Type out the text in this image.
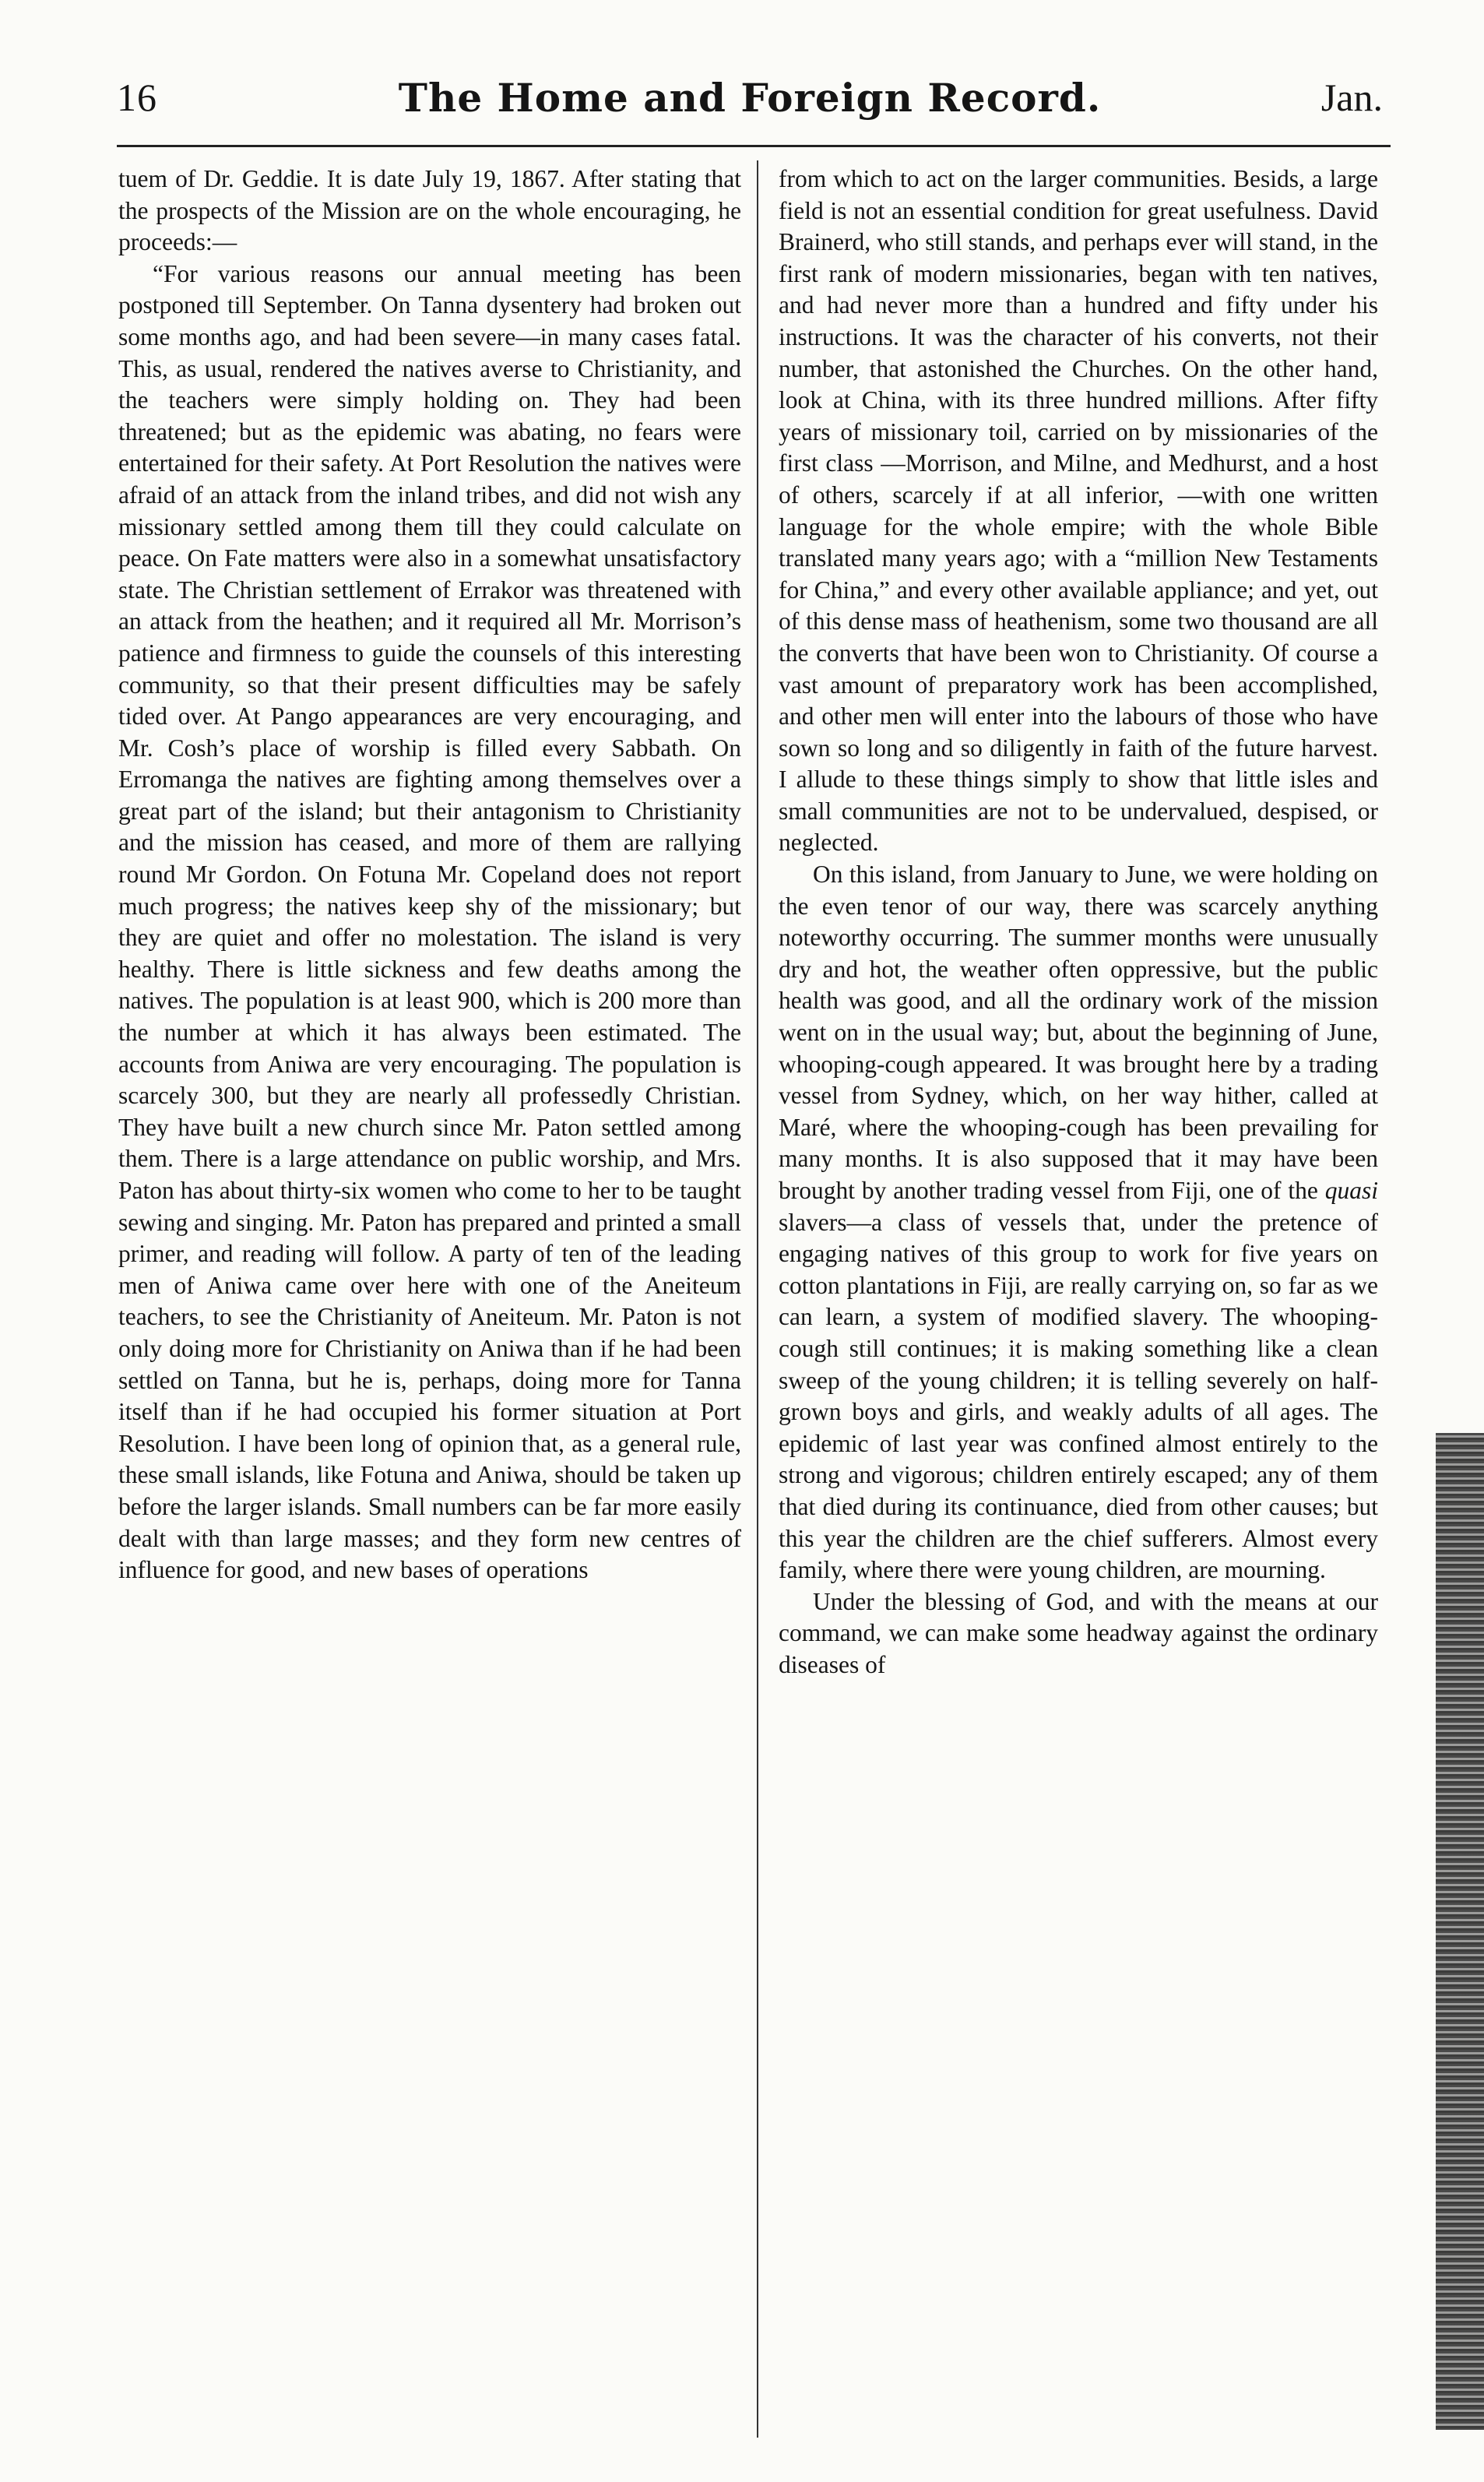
16	The Home and Foreign Record.	Jan.

tuem of Dr. Geddie. It is date July 19, 1867. After stating that the prospects of the Mission are on the whole encouraging, he proceeds:—

“For various reasons our annual meeting has been postponed till September. On Tanna dysentery had broken out some months ago, and had been severe—in many cases fatal. This, as usual, rendered the natives averse to Christianity, and the teachers were simply holding on. They had been threatened; but as the epidemic was abating, no fears were entertained for their safety. At Port Resolution the natives were afraid of an attack from the inland tribes, and did not wish any missionary settled among them till they could calculate on peace. On Fate matters were also in a somewhat unsatisfactory state. The Christian settlement of Errakor was threatened with an attack from the heathen; and it required all Mr. Morrison’s patience and firmness to guide the counsels of this interesting community, so that their present difficulties may be safely tided over. At Pango appearances are very encouraging, and Mr. Cosh’s place of worship is filled every Sabbath. On Erromanga the natives are fighting among themselves over a great part of the island; but their antagonism to Christianity and the mission has ceased, and more of them are rallying round Mr Gordon. On Fotuna Mr. Copeland does not report much progress; the natives keep shy of the missionary; but they are quiet and offer no molestation. The island is very healthy. There is little sickness and few deaths among the natives. The population is at least 900, which is 200 more than the number at which it has always been estimated. The accounts from Aniwa are very encouraging. The population is scarcely 300, but they are nearly all professedly Christian. They have built a new church since Mr. Paton settled among them. There is a large attendance on public worship, and Mrs. Paton has about thirty-six women who come to her to be taught sewing and singing. Mr. Paton has prepared and printed a small primer, and reading will follow. A party of ten of the leading men of Aniwa came over here with one of the Aneiteum teachers, to see the Christianity of Aneiteum. Mr. Paton is not only doing more for Christianity on Aniwa than if he had been settled on Tanna, but he is, perhaps, doing more for Tanna itself than if he had occupied his former situation at Port Resolution. I have been long of opinion that, as a general rule, these small islands, like Fotuna and Aniwa, should be taken up before the larger islands. Small numbers can be far more easily dealt with than large masses; and they form new centres of influence for good, and new bases of operations

from which to act on the larger communities. Besids, a large field is not an essential condition for great usefulness. David Brainerd, who still stands, and perhaps ever will stand, in the first rank of modern missionaries, began with ten natives, and had never more than a hundred and fifty under his instructions. It was the character of his converts, not their number, that astonished the Churches. On the other hand, look at China, with its three hundred millions. After fifty years of missionary toil, carried on by missionaries of the first class —Morrison, and Milne, and Medhurst, and a host of others, scarcely if at all inferior, —with one written language for the whole empire; with the whole Bible translated many years ago; with a “million New Testaments for China,” and every other available appliance; and yet, out of this dense mass of heathenism, some two thousand are all the converts that have been won to Christianity. Of course a vast amount of preparatory work has been accomplished, and other men will enter into the labours of those who have sown so long and so diligently in faith of the future harvest. I allude to these things simply to show that little isles and small communities are not to be undervalued, despised, or neglected.

On this island, from January to June, we were holding on the even tenor of our way, there was scarcely anything noteworthy occurring. The summer months were unusually dry and hot, the weather often oppressive, but the public health was good, and all the ordinary work of the mission went on in the usual way; but, about the beginning of June, whooping-cough appeared. It was brought here by a trading vessel from Sydney, which, on her way hither, called at Maré, where the whooping-cough has been prevailing for many months. It is also supposed that it may have been brought by another trading vessel from Fiji, one of the quasi slavers—a class of vessels that, under the pretence of engaging natives of this group to work for five years on cotton plantations in Fiji, are really carrying on, so far as we can learn, a system of modified slavery. The whooping-cough still continues; it is making something like a clean sweep of the young children; it is telling severely on half-grown boys and girls, and weakly adults of all ages. The epidemic of last year was confined almost entirely to the strong and vigorous; children entirely escaped; any of them that died during its continuance, died from other causes; but this year the children are the chief sufferers. Almost every family, where there were young children, are mourning.

Under the blessing of God, and with the means at our command, we can make some headway against the ordinary diseases of
